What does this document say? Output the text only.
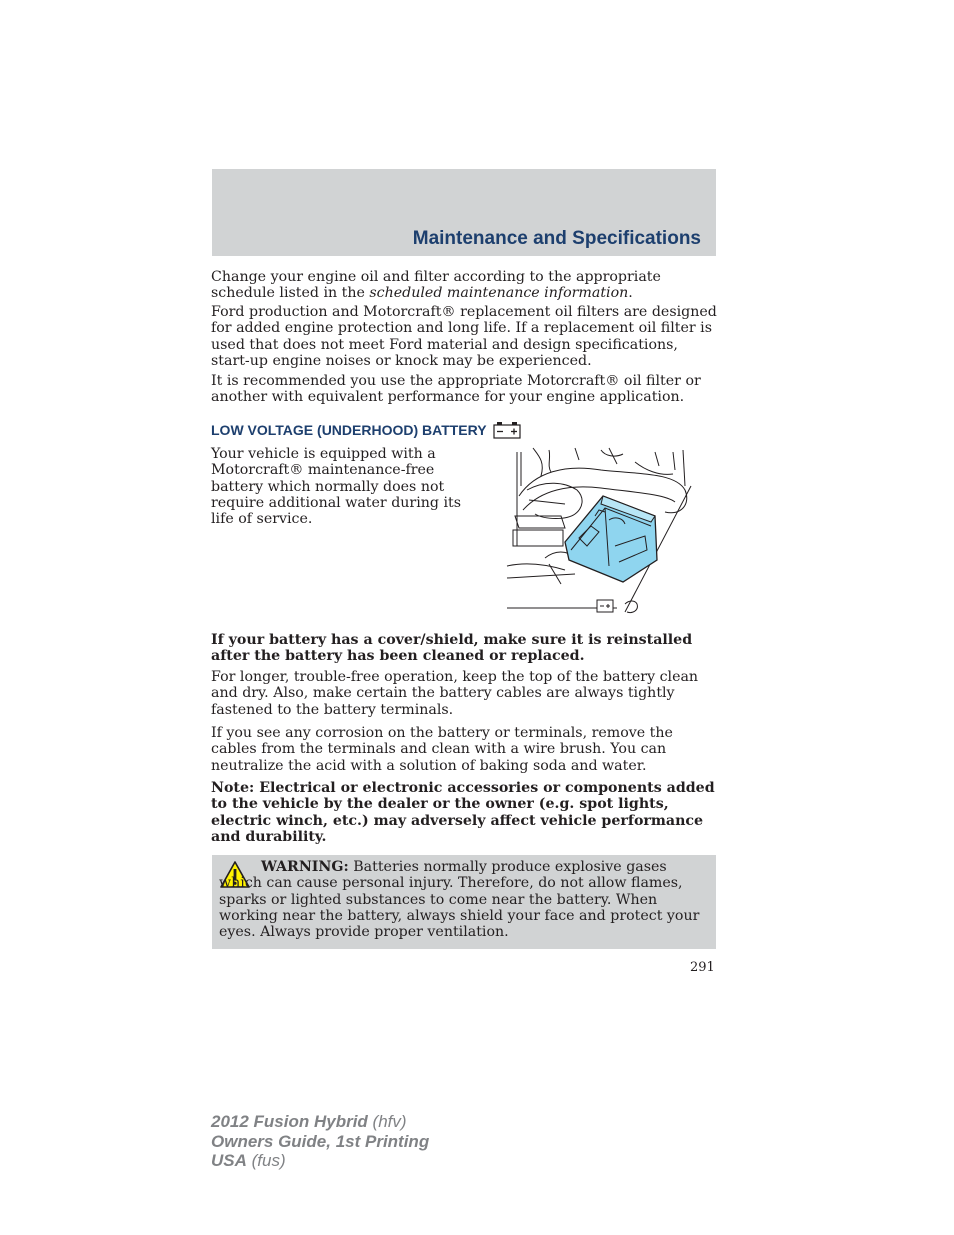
Maintenance and Specifications

Change your engine oil and filter according to the appropriate schedule listed in the scheduled maintenance information.

Ford production and Motorcraft® replacement oil filters are designed for added engine protection and long life. If a replacement oil filter is used that does not meet Ford material and design specifications, start-up engine noises or knock may be experienced.

It is recommended you use the appropriate Motorcraft® oil filter or another with equivalent performance for your engine application.

LOW VOLTAGE (UNDERHOOD) BATTERY

Your vehicle is equipped with a Motorcraft® maintenance-free battery which normally does not require additional water during its life of service.

If your battery has a cover/shield, make sure it is reinstalled after the battery has been cleaned or replaced.

For longer, trouble-free operation, keep the top of the battery clean and dry. Also, make certain the battery cables are always tightly fastened to the battery terminals.

If you see any corrosion on the battery or terminals, remove the cables from the terminals and clean with a wire brush. You can neutralize the acid with a solution of baking soda and water.

Note: Electrical or electronic accessories or components added to the vehicle by the dealer or the owner (e.g. spot lights, electric winch, etc.) may adversely affect vehicle performance and durability.

WARNING: Batteries normally produce explosive gases which can cause personal injury. Therefore, do not allow flames, sparks or lighted substances to come near the battery. When working near the battery, always shield your face and protect your eyes. Always provide proper ventilation.

291
2012 Fusion Hybrid (hfv)
Owners Guide, 1st Printing
USA (fus)
